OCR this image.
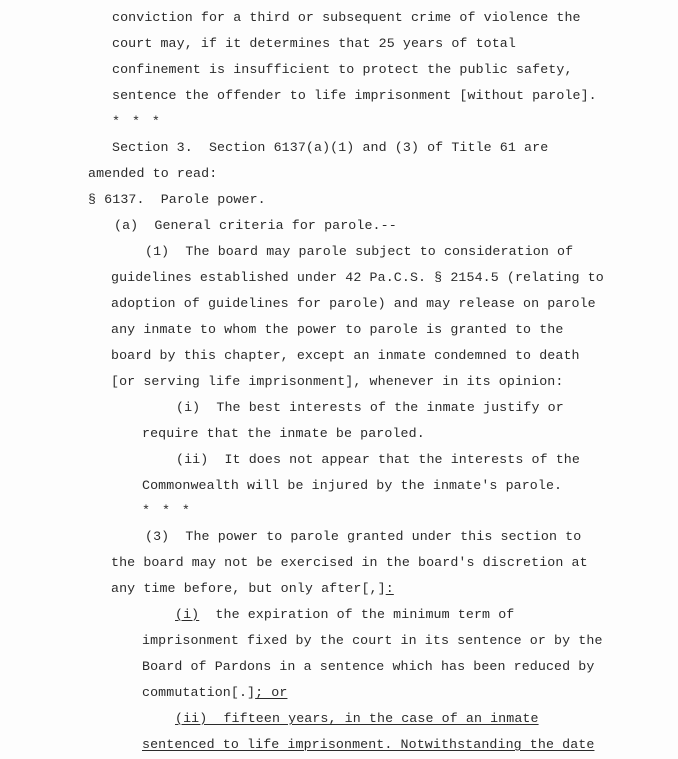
conviction for a third or subsequent crime of violence the
court may, if it determines that 25 years of total
confinement is insufficient to protect the public safety,
sentence the offender to life imprisonment [without parole].
* * *
Section 3.  Section 6137(a)(1) and (3) of Title 61 are
amended to read:
§ 6137.  Parole power.
(a)  General criteria for parole.--
(1)  The board may parole subject to consideration of
guidelines established under 42 Pa.C.S. § 2154.5 (relating to
adoption of guidelines for parole) and may release on parole
any inmate to whom the power to parole is granted to the
board by this chapter, except an inmate condemned to death
[or serving life imprisonment], whenever in its opinion:
(i)  The best interests of the inmate justify or
require that the inmate be paroled.
(ii)  It does not appear that the interests of the
Commonwealth will be injured by the inmate's parole.
* * *
(3)  The power to parole granted under this section to
the board may not be exercised in the board's discretion at
any time before, but only after[,]:
(i)  the expiration of the minimum term of
imprisonment fixed by the court in its sentence or by the
Board of Pardons in a sentence which has been reduced by
commutation[.]; or
(ii)  fifteen years, in the case of an inmate
sentenced to life imprisonment. Notwithstanding the date
